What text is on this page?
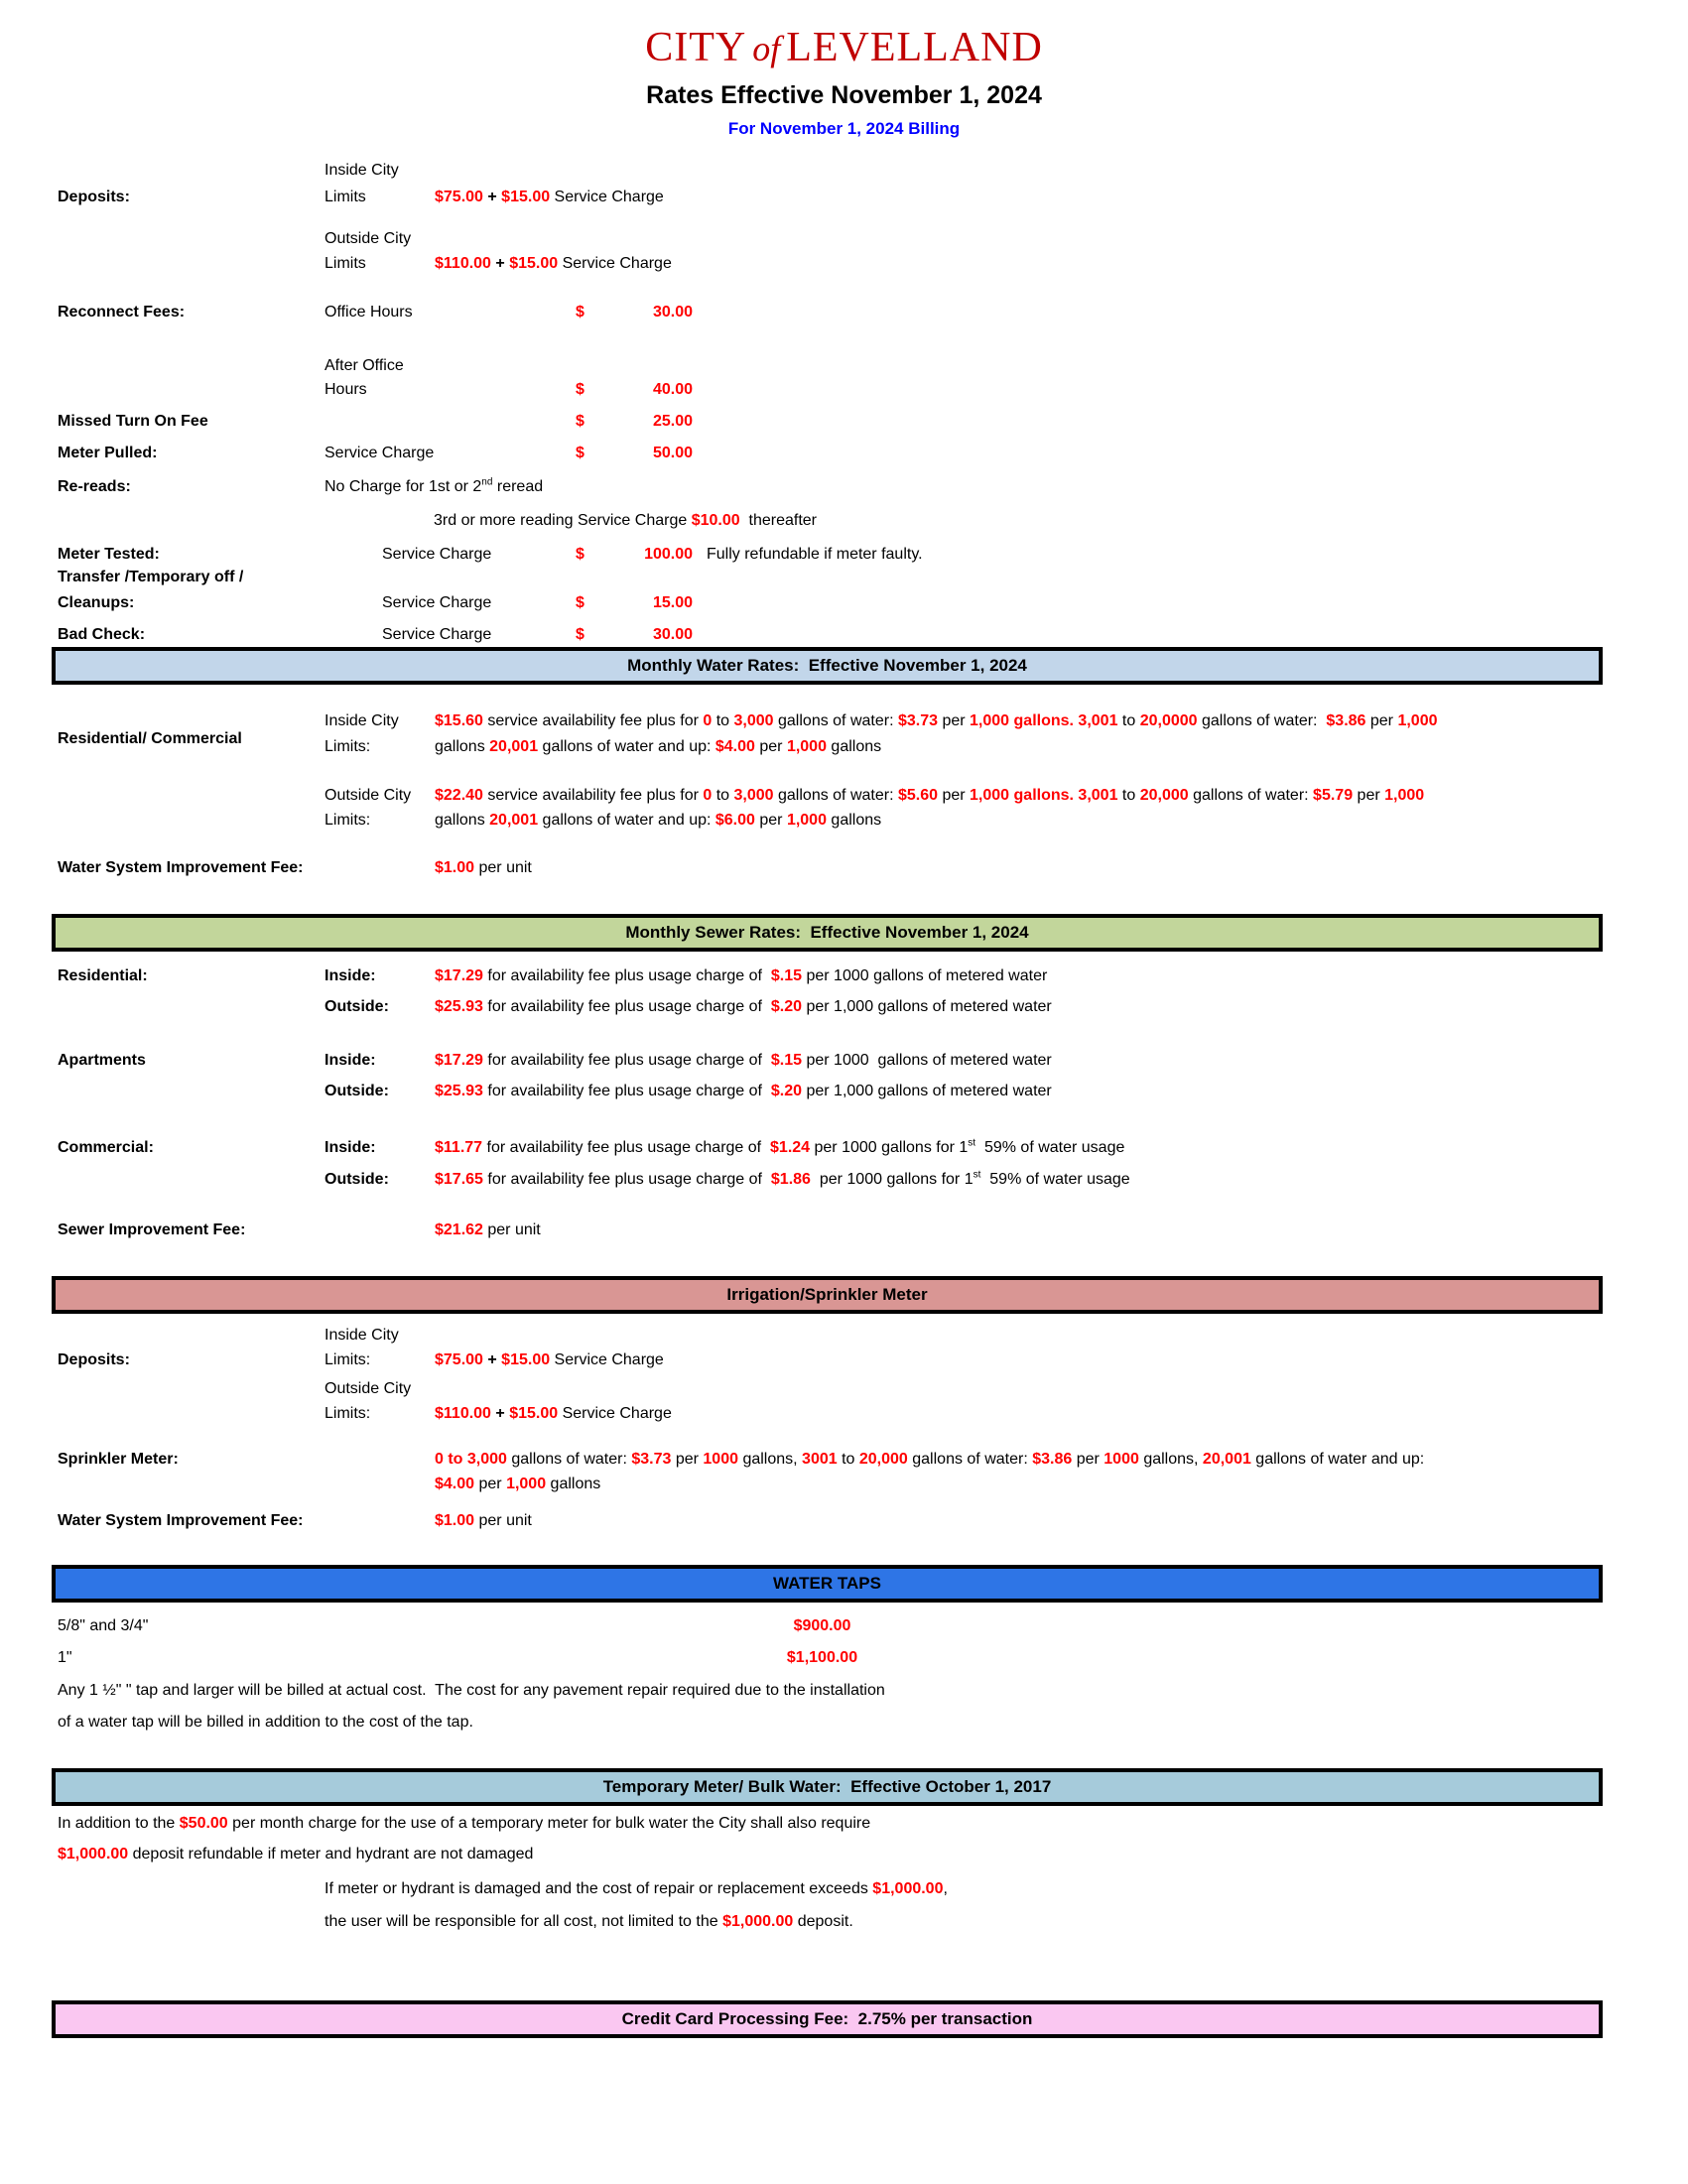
CITY of LEVELLAND
Rates Effective November 1, 2024
For November 1, 2024 Billing
Inside City
Deposits:	Limits	$75.00 + $15.00 Service Charge
Outside City
Limits	$110.00 + $15.00 Service Charge
Reconnect Fees:	Office Hours	$	30.00
After Office
Hours	$	40.00
Missed Turn On Fee	$	25.00
Meter Pulled:	Service Charge	$	50.00
Re-reads:	No Charge for 1st or 2nd reread
3rd or more reading Service Charge $10.00  thereafter
Meter Tested:	Service Charge	$	100.00 Fully refundable if meter faulty.
Transfer /Temporary off /
Cleanups:	Service Charge	$	15.00
Bad Check:	Service Charge	$	30.00
Monthly Water Rates:  Effective November 1, 2024
Inside City $15.60 service availability fee plus for 0 to 3,000 gallons of water: $3.73 per 1,000 gallons. 3,001 to 20,0000 gallons of water:  $3.86 per 1,000
Residential/ Commercial	Limits:	gallons 20,001 gallons of water and up: $4.00 per 1,000 gallons
Outside City $22.40 service availability fee plus for 0 to 3,000 gallons of water: $5.60 per 1,000 gallons. 3,001 to 20,000 gallons of water: $5.79 per 1,000
Limits:	gallons 20,001 gallons of water and up: $6.00 per 1,000 gallons
Water System Improvement Fee:	$1.00 per unit
Monthly Sewer Rates:  Effective November 1, 2024
Residential:	Inside:	$17.29 for availability fee plus usage charge of  $.15 per 1000 gallons of metered water
Outside:	$25.93 for availability fee plus usage charge of  $.20 per 1,000 gallons of metered water
Apartments	Inside:	$17.29 for availability fee plus usage charge of  $.15 per 1000  gallons of metered water
Outside:	$25.93 for availability fee plus usage charge of  $.20 per 1,000 gallons of metered water
Commercial:	Inside:	$11.77 for availability fee plus usage charge of  $1.24 per 1000 gallons for 1st  59% of water usage
Outside:	$17.65 for availability fee plus usage charge of  $1.86  per 1000 gallons for 1st  59% of water usage
Sewer Improvement Fee:	$21.62 per unit
Irrigation/Sprinkler Meter
Inside City
Deposits:	Limits:	$75.00 + $15.00 Service Charge
Outside City
Limits:	$110.00 + $15.00 Service Charge
Sprinkler Meter:	0 to 3,000 gallons of water: $3.73 per 1000 gallons, 3001 to 20,000 gallons of water: $3.86 per 1000 gallons, 20,001 gallons of water and up:
$4.00 per 1,000 gallons
Water System Improvement Fee:	$1.00 per unit
WATER TAPS
5/8" and 3/4"	$900.00
1"	$1,100.00
Any 1 ½" " tap and larger will be billed at actual cost.  The cost for any pavement repair required due to the installation
of a water tap will be billed in addition to the cost of the tap.
Temporary Meter/ Bulk Water:  Effective October 1, 2017
In addition to the $50.00 per month charge for the use of a temporary meter for bulk water the City shall also require
$1,000.00 deposit refundable if meter and hydrant are not damaged
If meter or hydrant is damaged and the cost of repair or replacement exceeds $1,000.00,
the user will be responsible for all cost, not limited to the $1,000.00 deposit.
Credit Card Processing Fee:  2.75% per transaction
